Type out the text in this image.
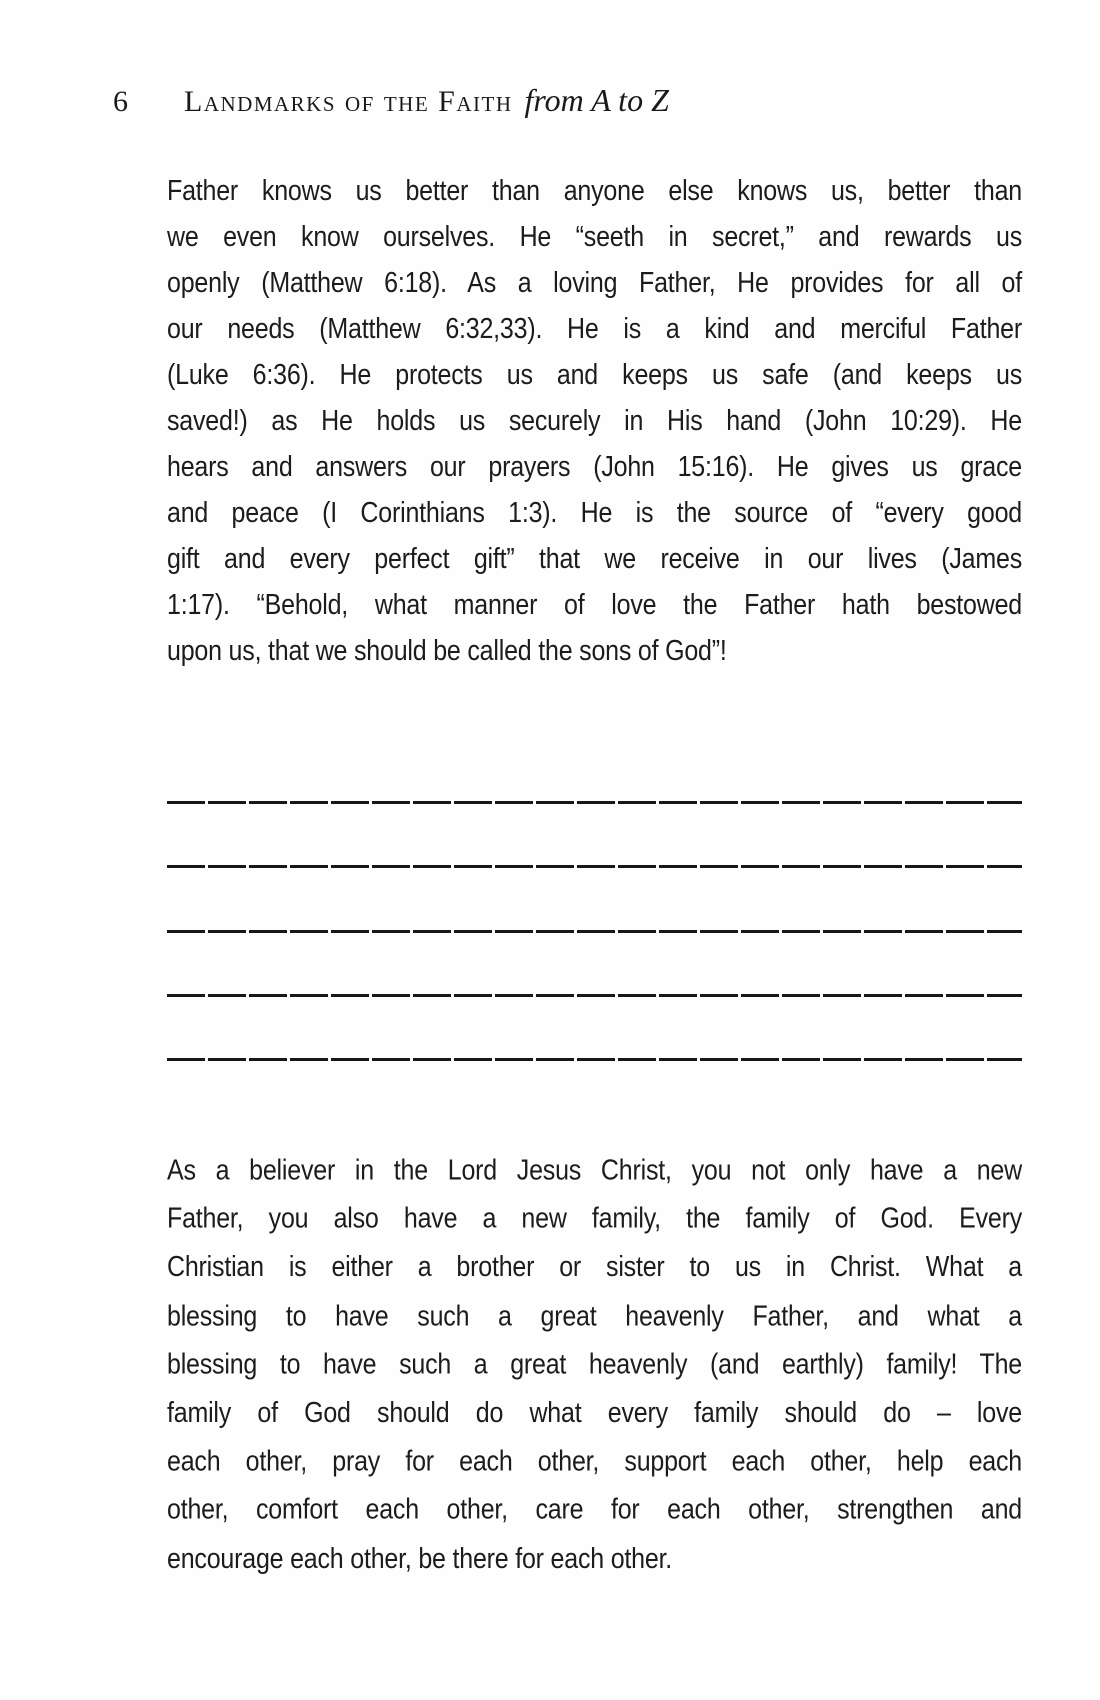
6 Landmarks of the Faith from A to Z
Father knows us better than anyone else knows us, better than
we even know ourselves. He “seeth in secret,” and rewards us
openly (Matthew 6:18). As a loving Father, He provides for all of
our needs (Matthew 6:32,33). He is a kind and merciful Father
(Luke 6:36). He protects us and keeps us safe (and keeps us
saved!) as He holds us securely in His hand (John 10:29). He
hears and answers our prayers (John 15:16). He gives us grace
and peace (I Corinthians 1:3). He is the source of “every good
gift and every perfect gift” that we receive in our lives (James
1:17). “Behold, what manner of love the Father hath bestowed
upon us, that we should be called the sons of God”!
As a believer in the Lord Jesus Christ, you not only have a new
Father, you also have a new family, the family of God. Every
Christian is either a brother or sister to us in Christ. What a
blessing to have such a great heavenly Father, and what a
blessing to have such a great heavenly (and earthly) family! The
family of God should do what every family should do – love
each other, pray for each other, support each other, help each
other, comfort each other, care for each other, strengthen and
encourage each other, be there for each other.
